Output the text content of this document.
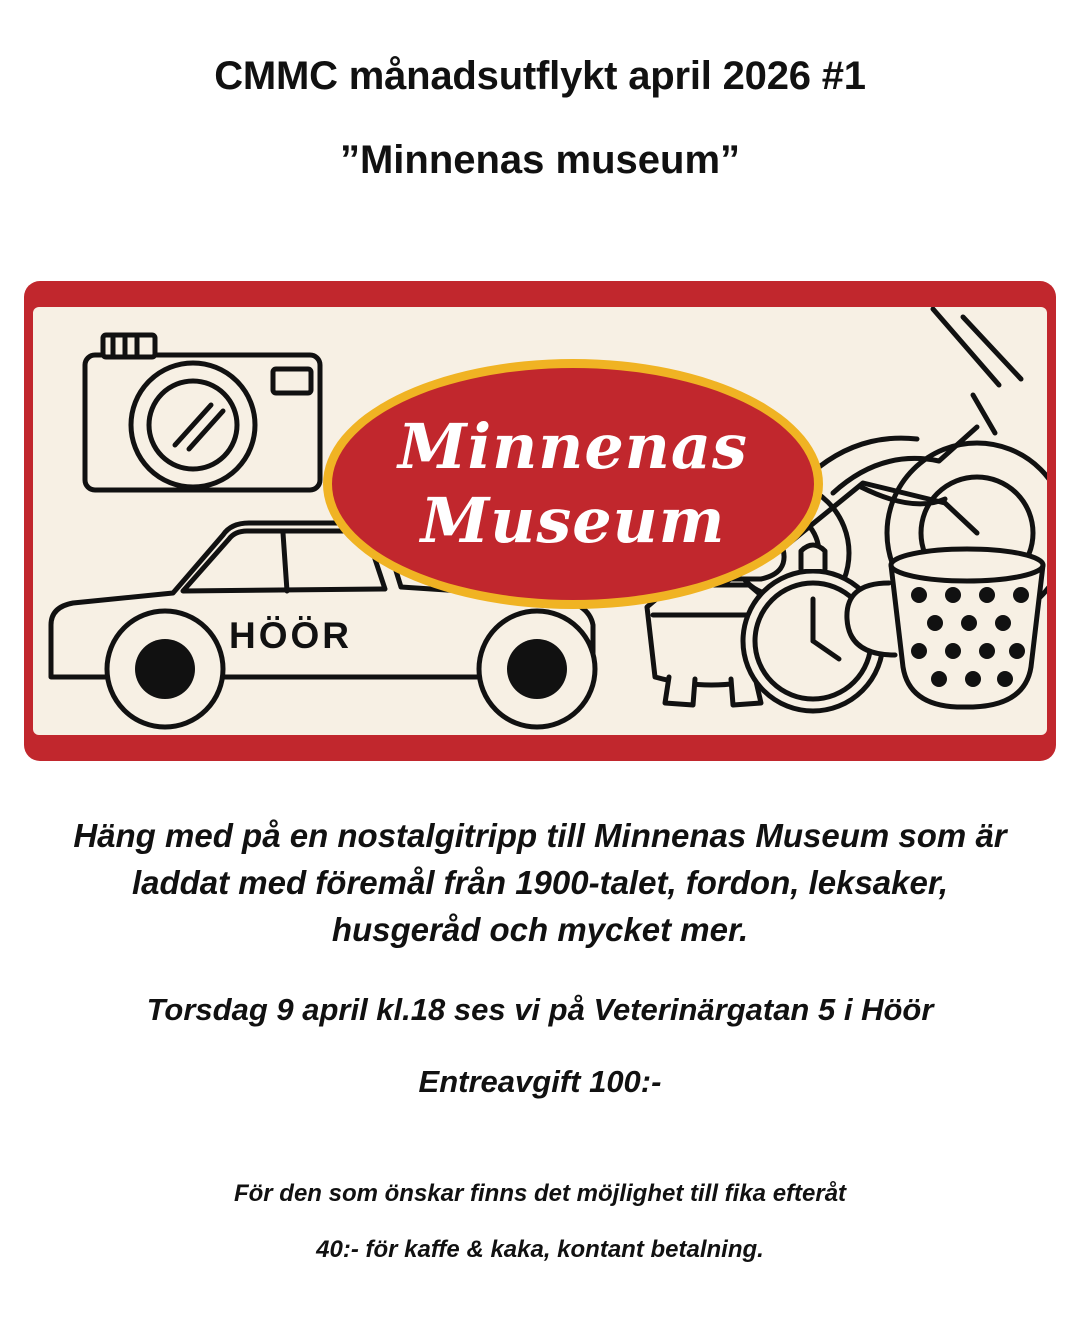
CMMC månadsutflykt april 2026 #1
”Minnenas museum”
Minnenas
Museum
HÖÖR
Häng med på en nostalgitripp till Minnenas Museum som är
laddat med föremål från 1900-talet, fordon, leksaker,
husgeråd och mycket mer.
Torsdag 9 april kl.18 ses vi på Veterinärgatan 5 i Höör
Entreavgift 100:-
För den som önskar finns det möjlighet till fika efteråt
40:- för kaffe & kaka, kontant betalning.
